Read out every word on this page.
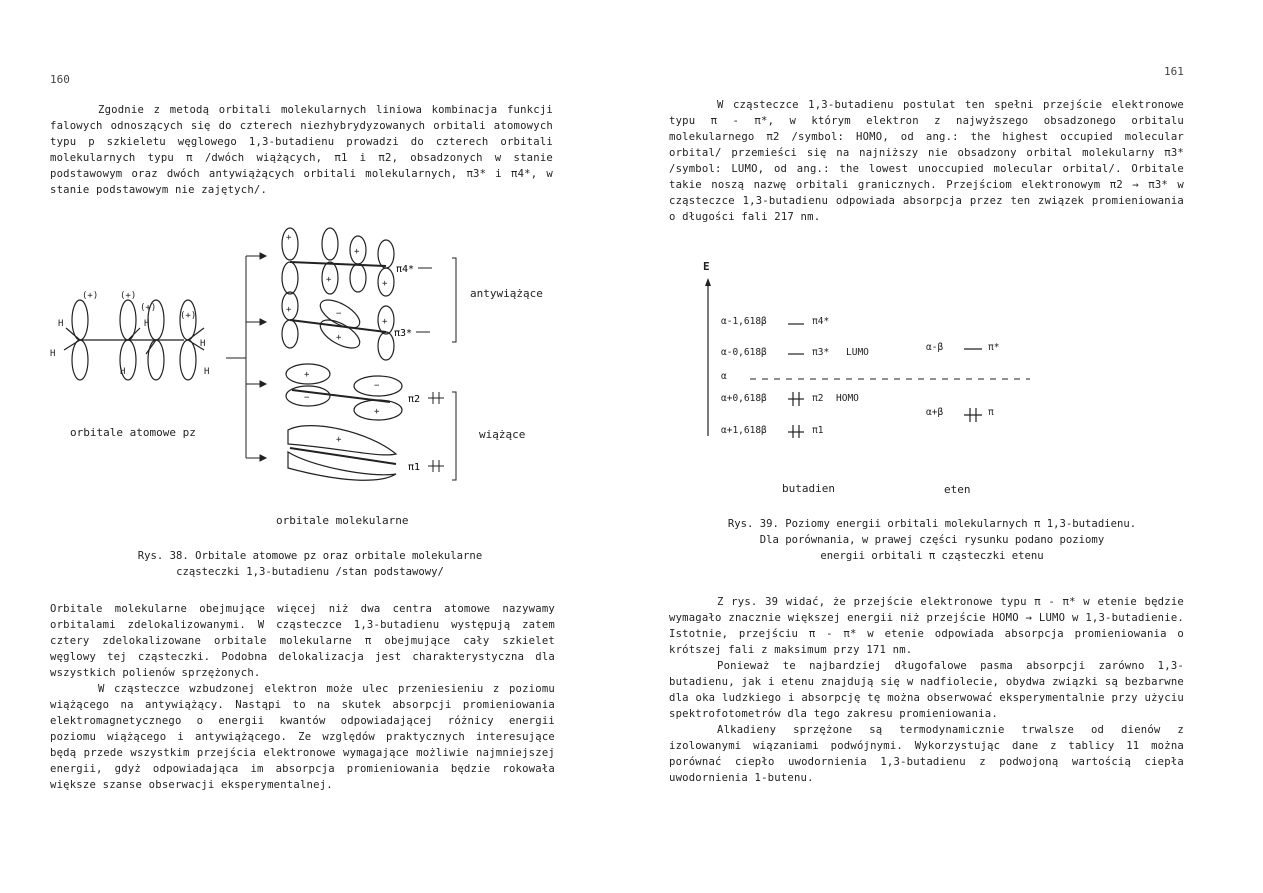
160

Zgodnie z metodą orbitali molekularnych liniowa kombinacja funkcji falowych odnoszących się do czterech niezhybrydyzowanych orbitali atomowych typu p szkieletu węglowego 1,3-butadienu prowadzi do czterech orbitali molekularnych typu π /dwóch wiążących, π1 i π2, obsadzonych w stanie podstawowym oraz dwóch antywiążących orbitali molekularnych, π3* i π4*, w stanie podstawowym nie zajętych/.

(+) (+)
(+)
(+)
H
H
H	H
H
H
+
+
+
+
+	−
+
+
+
−
−
+
+
π4*
π3*
π2
π1
antywiążące
wiążące
orbitale atomowe pz
orbitale molekularne
Rys. 38. Orbitale atomowe pz oraz orbitale molekularne
cząsteczki 1,3-butadienu /stan podstawowy/

Orbitale molekularne obejmujące więcej niż dwa centra atomowe nazywamy orbitalami zdelokalizowanymi. W cząsteczce 1,3-butadienu występują zatem cztery zdelokalizowane orbitale molekularne π obejmujące cały szkielet węglowy tej cząsteczki. Podobna delokalizacja jest charakterystyczna dla wszystkich polienów sprzężonych.

W cząsteczce wzbudzonej elektron może ulec przeniesieniu z poziomu wiążącego na antywiążący. Nastąpi to na skutek absorpcji promieniowania elektromagnetycznego o energii kwantów odpowiadającej różnicy energii poziomu wiążącego i antywiążącego. Ze względów praktycznych interesujące będą przede wszystkim przejścia elektronowe wymagające możliwie najmniejszej energii, gdyż odpowiadająca im absorpcja promieniowania będzie rokowała większe szanse obserwacji eksperymentalnej.

161

W cząsteczce 1,3-butadienu postulat ten spełni przejście elektronowe typu π - π*, w którym elektron z najwyższego obsadzonego orbitalu molekularnego π2 /symbol: HOMO, od ang.: the highest occupied molecular orbital/ przemieści się na najniższy nie obsadzony orbital molekularny π3* /symbol: LUMO, od ang.: the lowest unoccupied molecular orbital/. Orbitale takie noszą nazwę orbitali granicznych. Przejściom elektronowym π2 → π3* w cząsteczce 1,3-butadienu odpowiada absorpcja przez ten związek promieniowania o długości fali 217 nm.

E
α-1,618β	π4*
α-0,618β	π3* LUMO
α
α+0,618β	π2 HOMO
α+1,618β	π1
α-β	π*
α+β	π
butadien	eten
Rys. 39. Poziomy energii orbitali molekularnych π 1,3-butadienu.
Dla porównania, w prawej części rysunku podano poziomy
energii orbitali π cząsteczki etenu

Z rys. 39 widać, że przejście elektronowe typu π - π* w etenie będzie wymagało znacznie większej energii niż przejście HOMO → LUMO w 1,3-butadienie. Istotnie, przejściu π - π* w etenie odpowiada absorpcja promieniowania o krótszej fali z maksimum przy 171 nm.

Ponieważ te najbardziej długofalowe pasma absorpcji zarówno 1,3-butadienu, jak i etenu znajdują się w nadfiolecie, obydwa związki są bezbarwne dla oka ludzkiego i absorpcję tę można obserwować eksperymentalnie przy użyciu spektrofotometrów dla tego zakresu promieniowania.

Alkadieny sprzężone są termodynamicznie trwalsze od dienów z izolowanymi wiązaniami podwójnymi. Wykorzystując dane z tablicy 11 można porównać ciepło uwodornienia 1,3-butadienu z podwojoną wartością ciepła uwodornienia 1-butenu.
